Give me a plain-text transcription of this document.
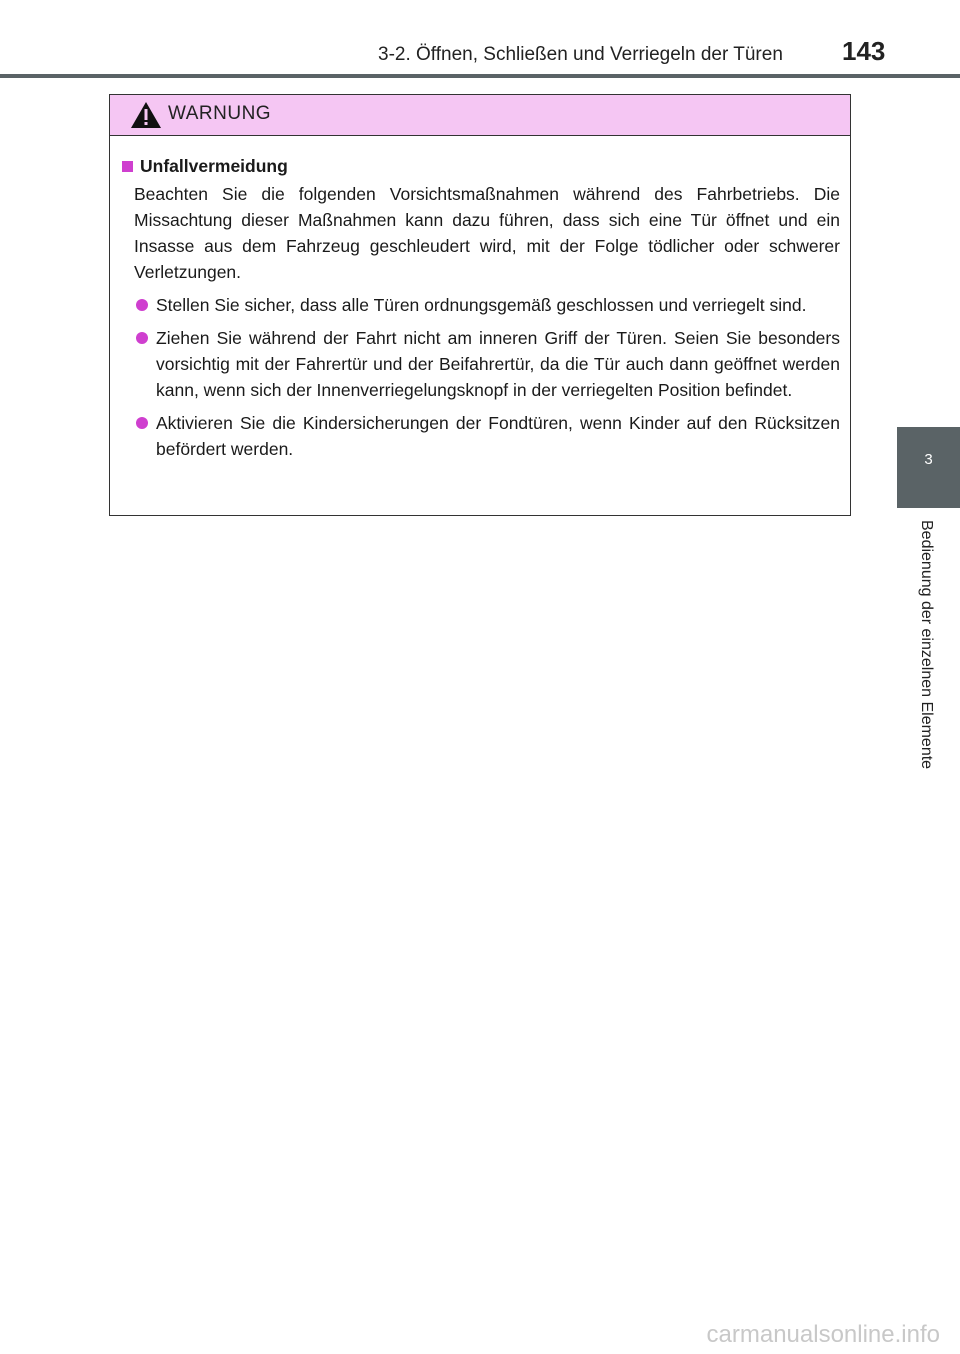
3-2. Öffnen, Schließen und Verriegeln der Türen 143
3
Bedienung der einzelnen Elemente
WARNUNG
Unfallvermeidung
Beachten Sie die folgenden Vorsichtsmaßnahmen während des Fahrbetriebs. Die Missachtung dieser Maßnahmen kann dazu führen, dass sich eine Tür öffnet und ein Insasse aus dem Fahrzeug geschleudert wird, mit der Folge tödlicher oder schwerer Verletzungen.
Stellen Sie sicher, dass alle Türen ordnungsgemäß geschlossen und verriegelt sind.
Ziehen Sie während der Fahrt nicht am inneren Griff der Türen. Seien Sie besonders vorsichtig mit der Fahrertür und der Beifahrertür, da die Tür auch dann geöffnet werden kann, wenn sich der Innenverriegelungsknopf in der verriegelten Position befindet.
Aktivieren Sie die Kindersicherungen der Fondtüren, wenn Kinder auf den Rücksitzen befördert werden.
carmanualsonline.info
